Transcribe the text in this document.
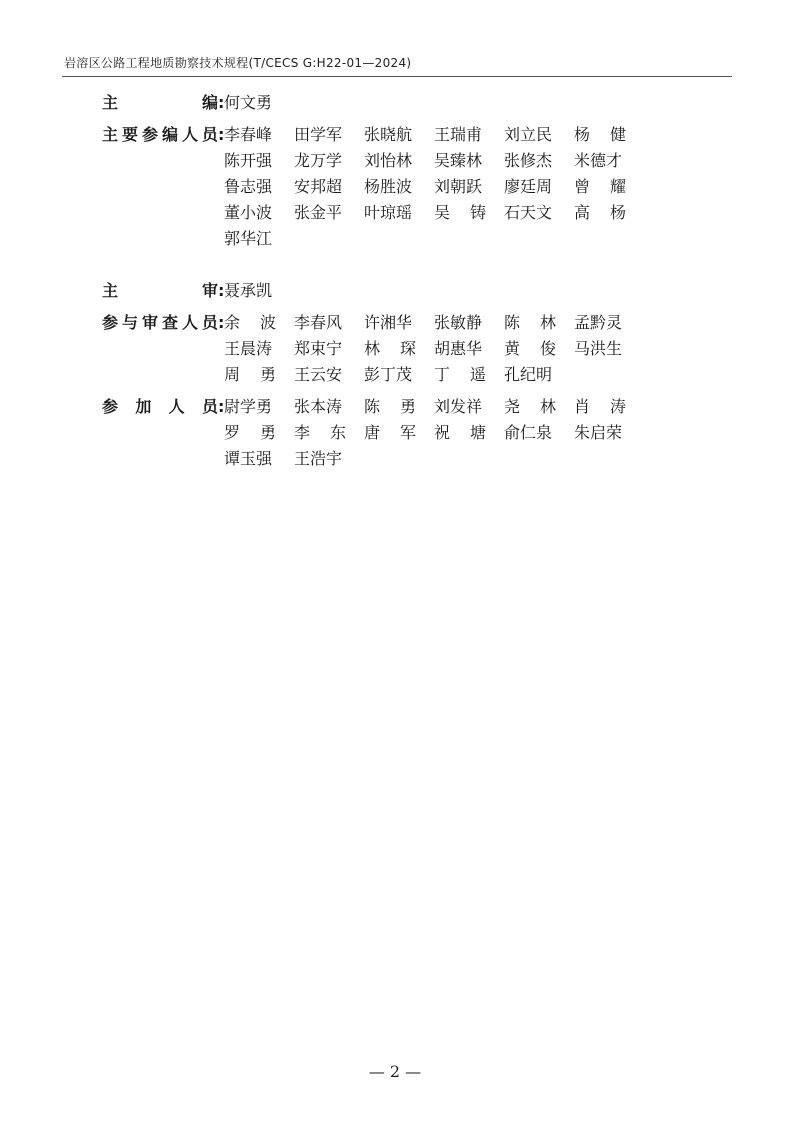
岩溶区公路工程地质勘察技术规程(T/CECS G:H22-01—2024)
主	编 : 何文勇
主 要 参 编 人 员 : 李春峰 田学军 张晓航 王瑞甫 刘立民 杨 健
陈开强 龙万学 刘怡林 吴臻林 张修杰 米德才
鲁志强 安邦超 杨胜波 刘朝跃 廖廷周 曾 耀
董小波 张金平 叶琼瑶 吴 铸 石天文 高 杨
郭华江
主	审 : 聂承凯
参 与 审 查 人 员 : 余 波 李春风 许湘华 张敏静 陈 林 孟黔灵
王晨涛 郑束宁 林 琛 胡惠华 黄 俊 马洪生
周 勇 王云安 彭丁茂 丁 遥 孔纪明
参 加 人 员 : 尉学勇 张本涛 陈 勇 刘发祥 尧 林 肖 涛
罗 勇 李 东 唐 军 祝 塘 俞仁泉 朱启荣
谭玉强 王浩宇
— 2 —
